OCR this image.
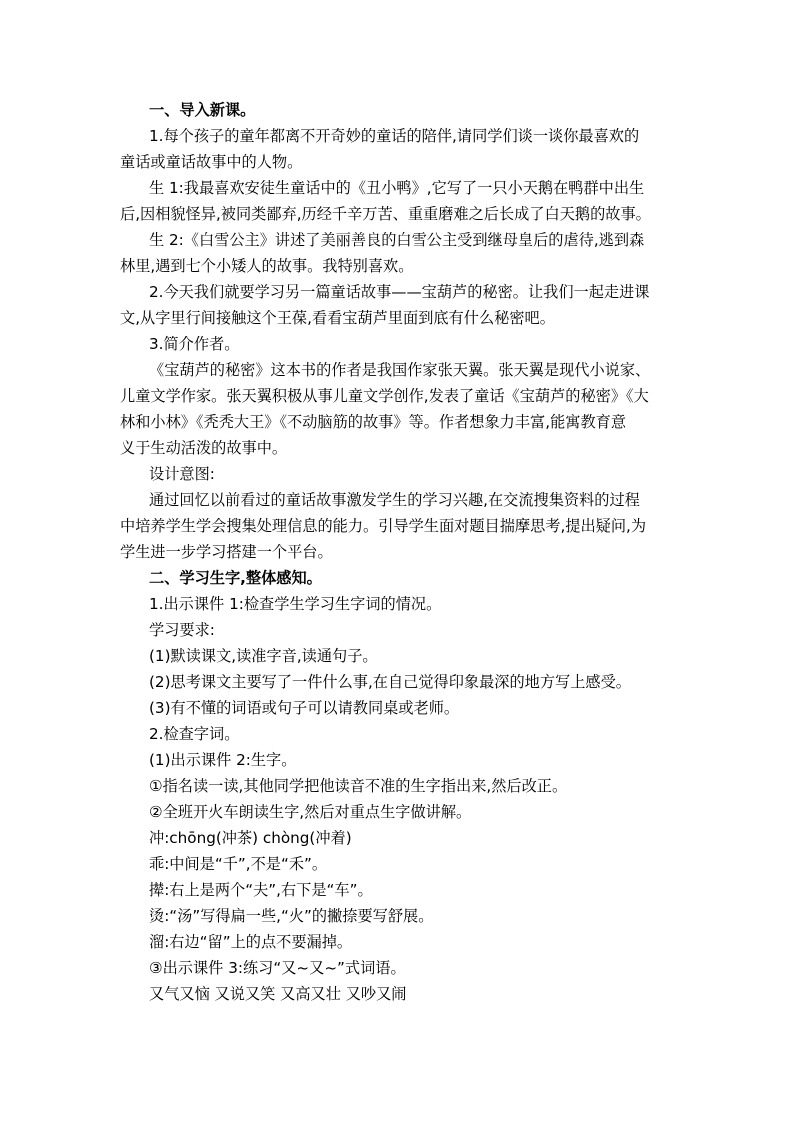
一、导入新课。
1.每个孩子的童年都离不开奇妙的童话的陪伴,请同学们谈一谈你最喜欢的
童话或童话故事中的人物。
生 1:我最喜欢安徒生童话中的《丑小鸭》,它写了一只小天鹅在鸭群中出生
后,因相貌怪异,被同类鄙弃,历经千辛万苦、重重磨难之后长成了白天鹅的故事。
生 2:《白雪公主》讲述了美丽善良的白雪公主受到继母皇后的虐待,逃到森
林里,遇到七个小矮人的故事。我特别喜欢。
2.今天我们就要学习另一篇童话故事——宝葫芦的秘密。让我们一起走进课
文,从字里行间接触这个王葆,看看宝葫芦里面到底有什么秘密吧。
3.简介作者。
《宝葫芦的秘密》这本书的作者是我国作家张天翼。张天翼是现代小说家、
儿童文学作家。张天翼积极从事儿童文学创作,发表了童话《宝葫芦的秘密》《大
林和小林》《秃秃大王》《不动脑筋的故事》等。作者想象力丰富,能寓教育意
义于生动活泼的故事中。
设计意图:
通过回忆以前看过的童话故事激发学生的学习兴趣,在交流搜集资料的过程
中培养学生学会搜集处理信息的能力。引导学生面对题目揣摩思考,提出疑问,为
学生进一步学习搭建一个平台。
二、学习生字,整体感知。
1.出示课件 1:检查学生学习生字词的情况。
学习要求:
(1)默读课文,读准字音,读通句子。
(2)思考课文主要写了一件什么事,在自己觉得印象最深的地方写上感受。
(3)有不懂的词语或句子可以请教同桌或老师。
2.检查字词。
(1)出示课件 2:生字。
①指名读一读,其他同学把他读音不准的生字指出来,然后改正。
②全班开火车朗读生字,然后对重点生字做讲解。
冲:chōng(冲茶) chòng(冲着)
乖:中间是“千”,不是“禾”。
撵:右上是两个“夫”,右下是“车”。
烫:“汤”写得扁一些,“火”的撇捺要写舒展。
溜:右边“留”上的点不要漏掉。
③出示课件 3:练习“又~又~”式词语。
又气又恼 又说又笑 又高又壮 又吵又闹
